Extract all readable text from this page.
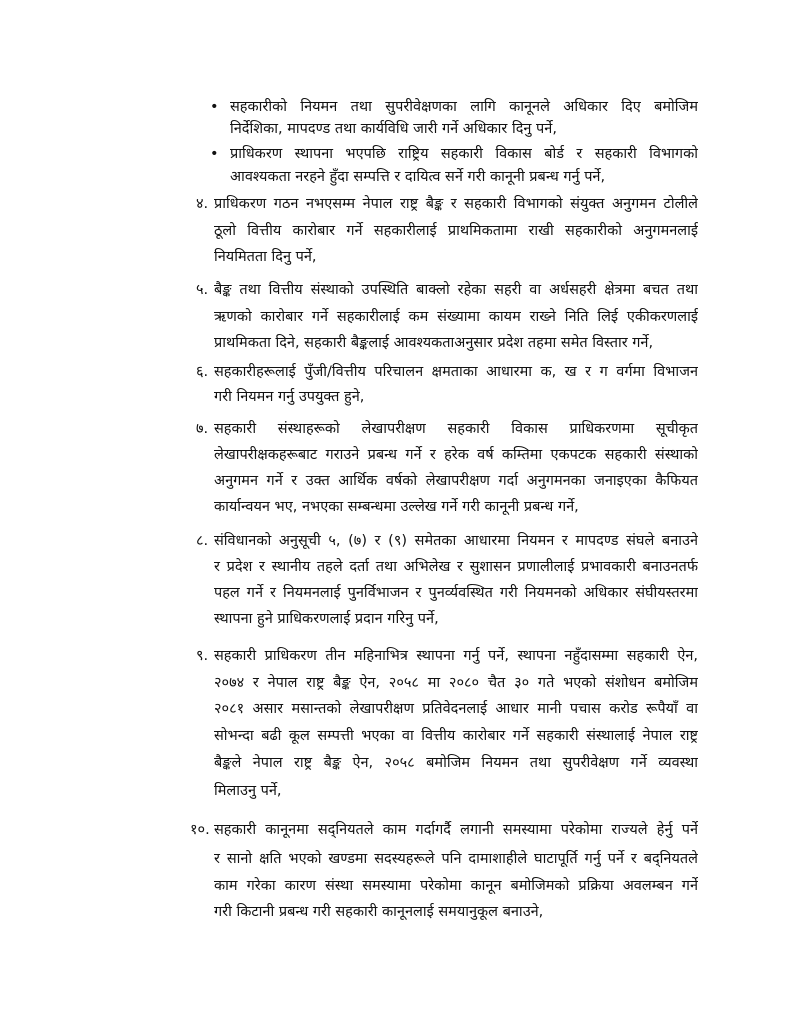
• सहकारीको नियमन तथा सुपरीवेक्षणका लागि कानूनले अधिकार दिए बमोजिम
निर्देशिका, मापदण्ड तथा कार्यविधि जारी गर्ने अधिकार दिनु पर्ने,
• प्राधिकरण स्थापना भएपछि राष्ट्रिय सहकारी विकास बोर्ड र सहकारी विभागको
आवश्यकता नरहने हुँदा सम्पत्ति र दायित्व सर्ने गरी कानूनी प्रबन्ध गर्नु पर्ने,
४. प्राधिकरण गठन नभएसम्म नेपाल राष्ट्र बैङ्क र सहकारी विभागको संयुक्त अनुगमन टोलीले
ठूलो वित्तीय कारोबार गर्ने सहकारीलाई प्राथमिकतामा राखी सहकारीको अनुगमनलाई
नियमितता दिनु पर्ने,
५. बैङ्क तथा वित्तीय संस्थाको उपस्थिति बाक्लो रहेका सहरी वा अर्धसहरी क्षेत्रमा बचत तथा
ऋणको कारोबार गर्ने सहकारीलाई कम संख्यामा कायम राख्ने निति लिई एकीकरणलाई
प्राथमिकता दिने, सहकारी बैङ्कलाई आवश्यकताअनुसार प्रदेश तहमा समेत विस्तार गर्ने,
६. सहकारीहरूलाई पुँजी/वित्तीय परिचालन क्षमताका आधारमा क, ख र ग वर्गमा विभाजन
गरी नियमन गर्नु उपयुक्त हुने,
७. सहकारी संस्थाहरूको लेखापरीक्षण सहकारी विकास प्राधिकरणमा सूचीकृत
लेखापरीक्षकहरूबाट गराउने प्रबन्ध गर्ने र हरेक वर्ष कम्तिमा एकपटक सहकारी संस्थाको
अनुगमन गर्ने र उक्त आर्थिक वर्षको लेखापरीक्षण गर्दा अनुगमनका जनाइएका कैफियत
कार्यान्वयन भए, नभएका सम्बन्धमा उल्लेख गर्ने गरी कानूनी प्रबन्ध गर्ने,
८. संविधानको अनुसूची ५, (७) र (९) समेतका आधारमा नियमन र मापदण्ड संघले बनाउने
र प्रदेश र स्थानीय तहले दर्ता तथा अभिलेख र सुशासन प्रणालीलाई प्रभावकारी बनाउनतर्फ
पहल गर्ने र नियमनलाई पुनर्विभाजन र पुनर्व्यवस्थित गरी नियमनको अधिकार संघीयस्तरमा
स्थापना हुने प्राधिकरणलाई प्रदान गरिनु पर्ने,
९. सहकारी प्राधिकरण तीन महिनाभित्र स्थापना गर्नु पर्ने, स्थापना नहुँदासम्मा सहकारी ऐन,
२०७४ र नेपाल राष्ट्र बैङ्क ऐन, २०५८ मा २०८० चैत ३० गते भएको संशोधन बमोजिम
२०८१ असार मसान्तको लेखापरीक्षण प्रतिवेदनलाई आधार मानी पचास करोड रूपैयाँ वा
सोभन्दा बढी कूल सम्पत्ती भएका वा वित्तीय कारोबार गर्ने सहकारी संस्थालाई नेपाल राष्ट्र
बैङ्कले नेपाल राष्ट्र बैङ्क ऐन, २०५८ बमोजिम नियमन तथा सुपरीवेक्षण गर्ने व्यवस्था
मिलाउनु पर्ने,
१०. सहकारी कानूनमा सद्नियतले काम गर्दागर्दै लगानी समस्यामा परेकोमा राज्यले हेर्नु पर्ने
र सानो क्षति भएको खण्डमा सदस्यहरूले पनि दामाशाहीले घाटापूर्ति गर्नु पर्ने र बद्नियतले
काम गरेका कारण संस्था समस्यामा परेकोमा कानून बमोजिमको प्रक्रिया अवलम्बन गर्ने
गरी किटानी प्रबन्ध गरी सहकारी कानूनलाई समयानुकूल बनाउने,
